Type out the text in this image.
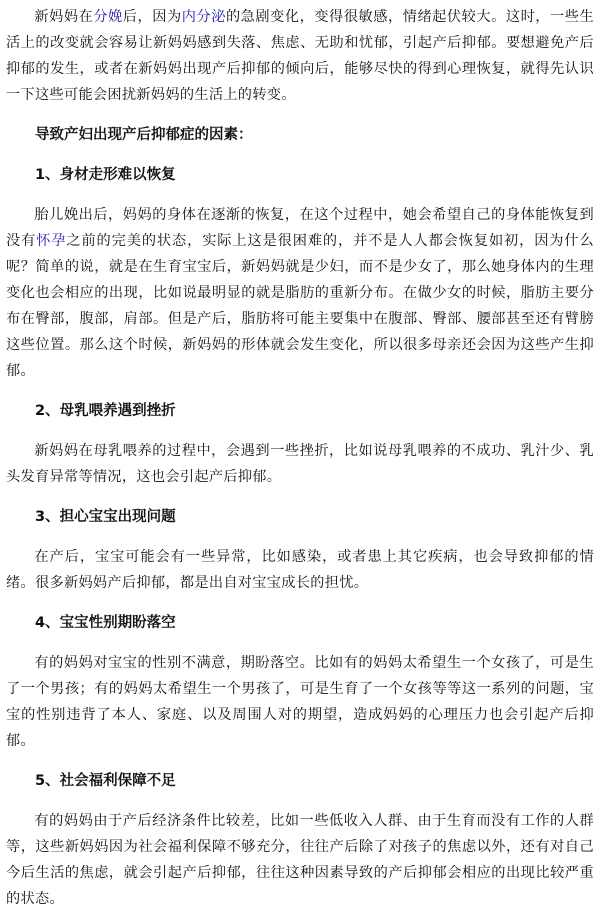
新妈妈在分娩后，因为内分泌的急剧变化，变得很敏感，情绪起伏较大。这时，一些生活上的改变就会容易让新妈妈感到失落、焦虑、无助和忧郁，引起产后抑郁。要想避免产后抑郁的发生，或者在新妈妈出现产后抑郁的倾向后，能够尽快的得到心理恢复，就得先认识一下这些可能会困扰新妈妈的生活上的转变。

导致产妇出现产后抑郁症的因素：

1、身材走形难以恢复

胎儿娩出后，妈妈的身体在逐渐的恢复，在这个过程中，她会希望自己的身体能恢复到没有怀孕之前的完美的状态，实际上这是很困难的，并不是人人都会恢复如初，因为什么呢？简单的说，就是在生育宝宝后，新妈妈就是少妇，而不是少女了，那么她身体内的生理变化也会相应的出现，比如说最明显的就是脂肪的重新分布。在做少女的时候，脂肪主要分布在臀部，腹部，肩部。但是产后，脂肪将可能主要集中在腹部、臀部、腰部甚至还有臂膀这些位置。那么这个时候，新妈妈的形体就会发生变化，所以很多母亲还会因为这些产生抑郁。

2、母乳喂养遇到挫折

新妈妈在母乳喂养的过程中，会遇到一些挫折，比如说母乳喂养的不成功、乳汁少、乳头发育异常等情况，这也会引起产后抑郁。

3、担心宝宝出现问题

在产后，宝宝可能会有一些异常，比如感染，或者患上其它疾病，也会导致抑郁的情绪。很多新妈妈产后抑郁，都是出自对宝宝成长的担忧。

4、宝宝性别期盼落空

有的妈妈对宝宝的性别不满意，期盼落空。比如有的妈妈太希望生一个女孩了，可是生了一个男孩；有的妈妈太希望生一个男孩了，可是生育了一个女孩等等这一系列的问题，宝宝的性别违背了本人、家庭、以及周围人对的期望，造成妈妈的心理压力也会引起产后抑郁。

5、社会福利保障不足

有的妈妈由于产后经济条件比较差，比如一些低收入人群、由于生育而没有工作的人群等，这些新妈妈因为社会福利保障不够充分，往往产后除了对孩子的焦虑以外，还有对自己今后生活的焦虑，就会引起产后抑郁，往往这种因素导致的产后抑郁会相应的出现比较严重的状态。
